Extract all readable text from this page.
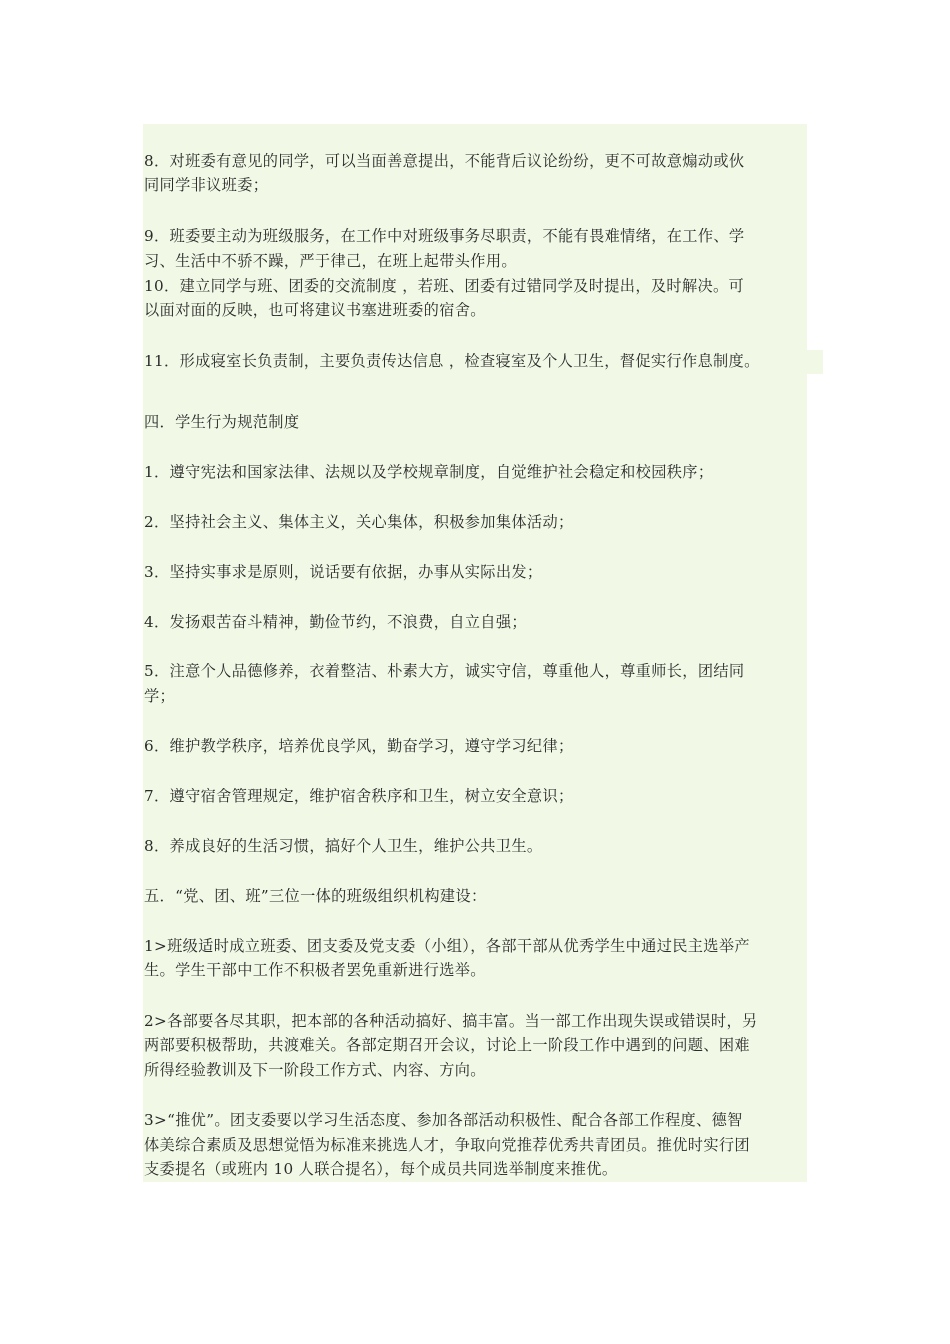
8．对班委有意见的同学，可以当面善意提出，不能背后议论纷纷，更不可故意煽动或伙

同同学非议班委；

9．班委要主动为班级服务，在工作中对班级事务尽职责，不能有畏难情绪，在工作、学

习、生活中不骄不躁，严于律己，在班上起带头作用。

10．建立同学与班、团委的交流制度 ，若班、团委有过错同学及时提出，及时解决。可

以面对面的反映，也可将建议书塞进班委的宿舍。

11．形成寝室长负责制，主要负责传达信息 ，检查寝室及个人卫生，督促实行作息制度。

四．学生行为规范制度

1．遵守宪法和国家法律、法规以及学校规章制度，自觉维护社会稳定和校园秩序；

2．坚持社会主义、集体主义，关心集体，积极参加集体活动；

3．坚持实事求是原则，说话要有依据，办事从实际出发；

4．发扬艰苦奋斗精神，勤俭节约，不浪费，自立自强；

5．注意个人品德修养，衣着整洁、朴素大方，诚实守信，尊重他人，尊重师长，团结同

学；

6．维护教学秩序，培养优良学风，勤奋学习，遵守学习纪律；

7．遵守宿舍管理规定，维护宿舍秩序和卫生，树立安全意识；

8．养成良好的生活习惯，搞好个人卫生，维护公共卫生。

五．“党、团、班”三位一体的班级组织机构建设：

1>班级适时成立班委、团支委及党支委（小组），各部干部从优秀学生中通过民主选举产

生。学生干部中工作不积极者罢免重新进行选举。

2>各部要各尽其职，把本部的各种活动搞好、搞丰富。当一部工作出现失误或错误时，另

两部要积极帮助，共渡难关。各部定期召开会议，讨论上一阶段工作中遇到的问题、困难

所得经验教训及下一阶段工作方式、内容、方向。

3>“推优”。团支委要以学习生活态度、参加各部活动积极性、配合各部工作程度、德智

体美综合素质及思想觉悟为标准来挑选人才，争取向党推荐优秀共青团员。推优时实行团

支委提名（或班内 10 人联合提名），每个成员共同选举制度来推优。
